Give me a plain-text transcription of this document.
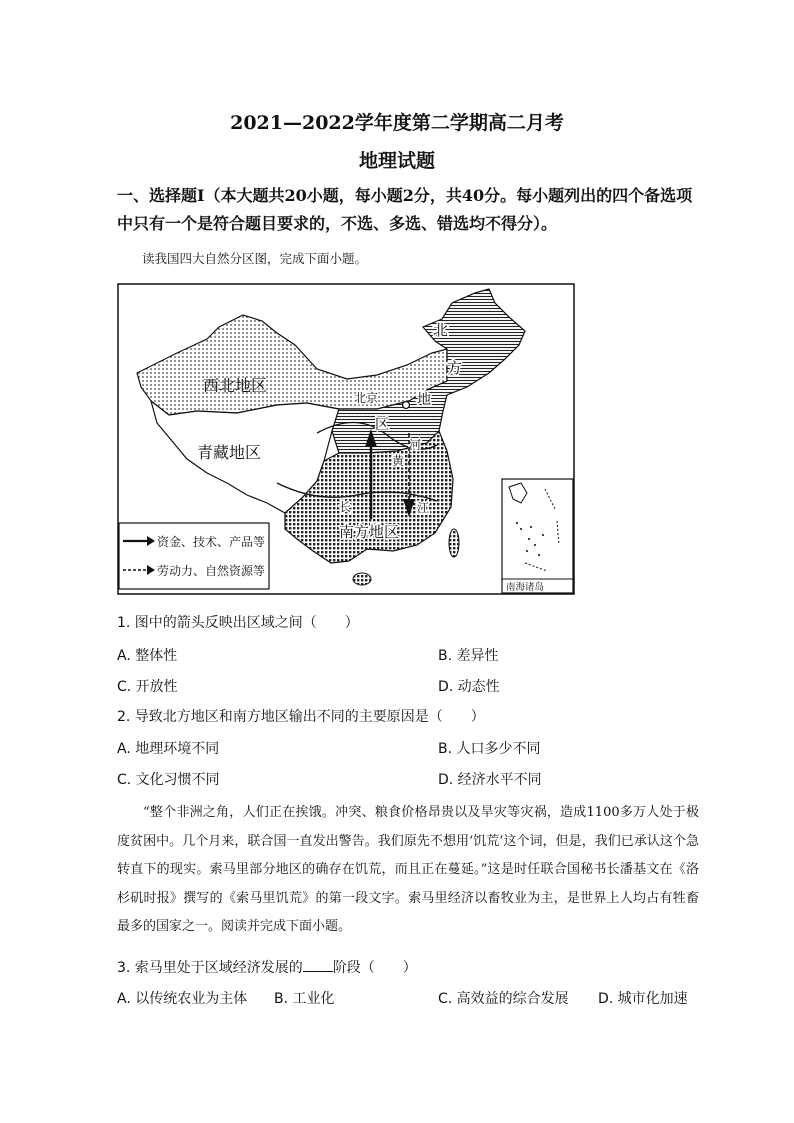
2021—2022学年度第二学期高二月考
地理试题
一、选择题Ⅰ（本大题共20小题，每小题2分，共40分。每小题列出的四个备选项中只有一个是符合题目要求的，不选、多选、错选均不得分）。
读我国四大自然分区图，完成下面小题。
西北地区
青藏地区
南方地区
北
方
地
区
北京
河
黄
长	江
资金、技术、产品等
劳动力、自然资源等
南海诸岛
1. 图中的箭头反映出区域之间（　　）
A. 整体性	B. 差异性
C. 开放性	D. 动态性
2. 导致北方地区和南方地区输出不同的主要原因是（　　）
A. 地理环境不同	B. 人口多少不同
C. 文化习惯不同	D. 经济水平不同

“整个非洲之角，人们正在挨饿。冲突、粮食价格昂贵以及旱灾等灾祸，造成1100多万人处于极度贫困中。几个月来，联合国一直发出警告。我们原先不想用‘饥荒’这个词，但是，我们已承认这个急转直下的现实。索马里部分地区的确存在饥荒，而且正在蔓延。”这是时任联合国秘书长潘基文在《洛杉矶时报》撰写的《索马里饥荒》的第一段文字。索马里经济以畜牧业为主，是世界上人均占有牲畜最多的国家之一。阅读并完成下面小题。

3. 索马里处于区域经济发展的 阶段（　　）
A. 以传统农业为主体 B. 工业化	C. 高效益的综合发展 D. 城市化加速
